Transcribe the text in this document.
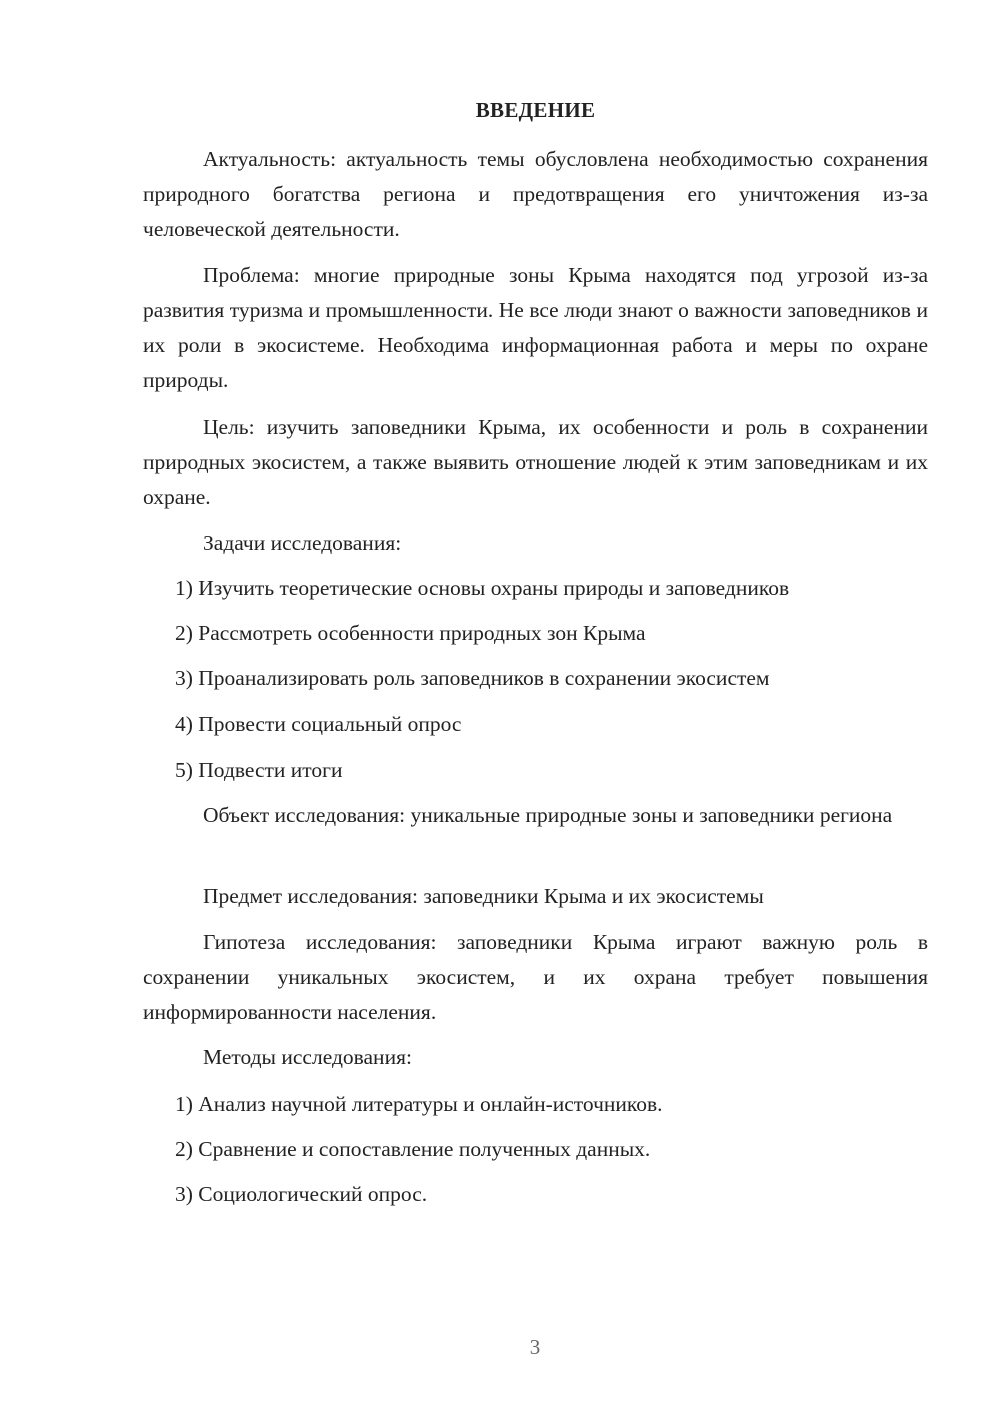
ВВЕДЕНИЕ

Актуальность: актуальность темы обусловлена необходимостью сохранения природного богатства региона и предотвращения его уничтожения из-за человеческой деятельности.

Проблема: многие природные зоны Крыма находятся под угрозой из-за развития туризма и промышленности. Не все люди знают о важности заповедников и их роли в экосистеме. Необходима информационная работа и меры по охране природы.

Цель: изучить заповедники Крыма, их особенности и роль в сохранении природных экосистем, а также выявить отношение людей к этим заповедникам и их охране.

Задачи исследования:

1) Изучить теоретические основы охраны природы и заповедников

2) Рассмотреть особенности природных зон Крыма

3) Проанализировать роль заповедников в сохранении экосистем

4) Провести социальный опрос

5) Подвести итоги

Объект исследования: уникальные природные зоны и заповедники региона

Предмет исследования: заповедники Крыма и их экосистемы

Гипотеза исследования: заповедники Крыма играют важную роль в сохранении уникальных экосистем, и их охрана требует повышения информированности населения.

Методы исследования:

1) Анализ научной литературы и онлайн-источников.

2) Сравнение и сопоставление полученных данных.

3) Социологический опрос.

3
